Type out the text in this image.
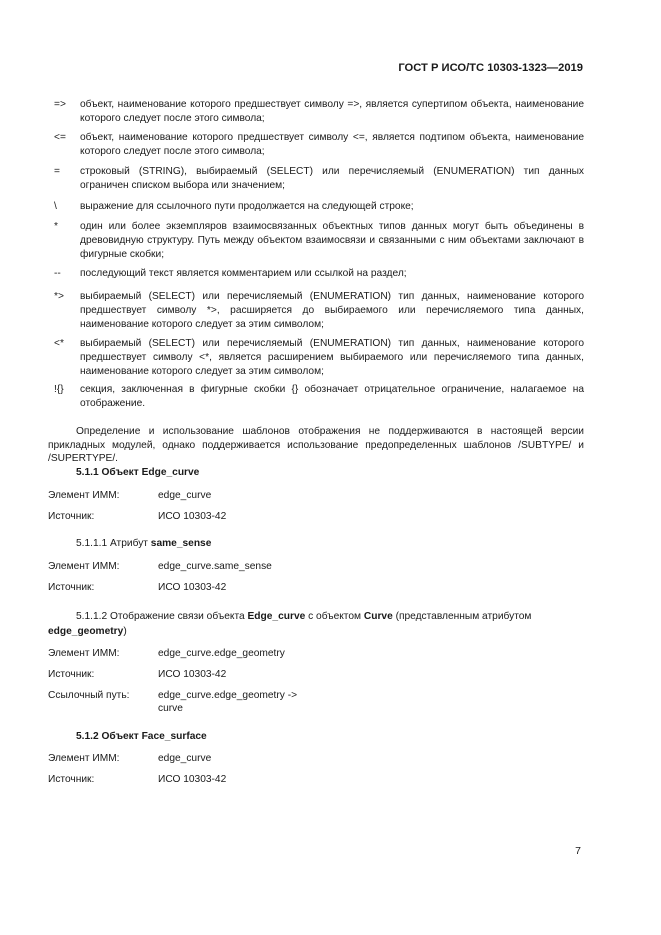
ГОСТ Р ИСО/ТС 10303-1323—2019
=>	объект, наименование которого предшествует символу =>, является супертипом объекта, наименование которого следует после этого символа;
<=	объект, наименование которого предшествует символу <=, является подтипом объекта, наименование которого следует после этого символа;
=	строковый (STRING), выбираемый (SELECT) или перечисляемый (ENUMERATION) тип данных ограничен списком выбора или значением;
\	выражение для ссылочного пути продолжается на следующей строке;
*	один или более экземпляров взаимосвязанных объектных типов данных могут быть объединены в древовидную структуру. Путь между объектом взаимосвязи и связанными с ним объектами заключают в фигурные скобки;
--	последующий текст является комментарием или ссылкой на раздел;
*>	выбираемый (SELECT) или перечисляемый (ENUMERATION) тип данных, наименование которого предшествует символу *>, расширяется до выбираемого или перечисляемого типа данных, наименование которого следует за этим символом;
<*	выбираемый (SELECT) или перечисляемый (ENUMERATION) тип данных, наименование которого предшествует символу <*, является расширением выбираемого или перечисляемого типа данных, наименование которого следует за этим символом;
!{}	секция, заключенная в фигурные скобки {} обозначает отрицательное ограничение, налагаемое на отображение.
Определение и использование шаблонов отображения не поддерживаются в настоящей версии прикладных модулей, однако поддерживается использование предопределенных шаблонов /SUBTYPE/ и /SUPERTYPE/.
5.1.1 Объект Edge_curve
Элемент ИММ:	edge_curve
Источник:	ИСО 10303-42
5.1.1.1 Атрибут same_sense
Элемент ИММ:	edge_curve.same_sense
Источник:	ИСО 10303-42
5.1.1.2 Отображение связи объекта Edge_curve с объектом Curve (представленным атрибутом edge_geometry)
Элемент ИММ:	edge_curve.edge_geometry
Источник:	ИСО 10303-42
Ссылочный путь:	edge_curve.edge_geometry ->
curve
5.1.2 Объект Face_surface
Элемент ИММ:	edge_curve
Источник:	ИСО 10303-42
7
